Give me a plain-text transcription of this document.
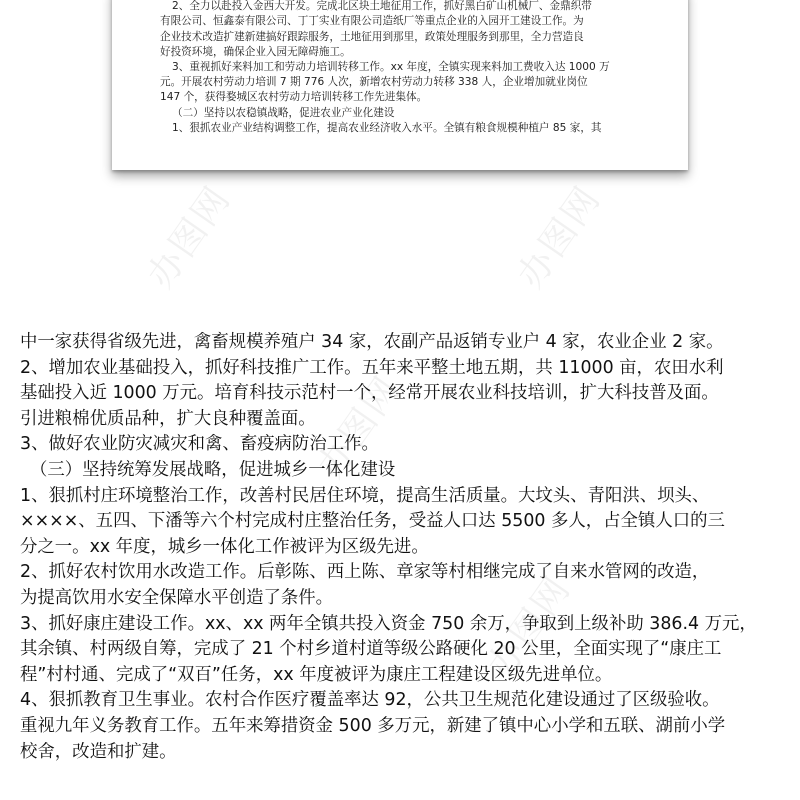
2、全力以赴投入金西大开发。完成北区块土地征用工作，抓好黑白矿山机械厂、金鼎织带

有限公司、恒鑫泰有限公司、丁丁实业有限公司造纸厂等重点企业的入园开工建设工作。为

企业技术改造扩建新建搞好跟踪服务，土地征用到那里，政策处理服务到那里，全力营造良

好投资环境，确保企业入园无障碍施工。

3、重视抓好来料加工和劳动力培训转移工作。xx 年度，全镇实现来料加工费收入达 1000 万

元。开展农村劳动力培训 7 期 776 人次，新增农村劳动力转移 338 人，企业增加就业岗位

147 个，获得婺城区农村劳动力培训转移工作先进集体。

（二）坚持以农稳镇战略，促进农业产业化建设

1、狠抓农业产业结构调整工作，提高农业经济收入水平。全镇有粮食规模种植户 85 家，其

办图网
办图网

中一家获得省级先进，禽畜规模养殖户 34 家，农副产品返销专业户 4 家，农业企业 2 家。

2、增加农业基础投入，抓好科技推广工作。五年来平整土地五期，共 11000 亩，农田水利

基础投入近 1000 万元。培育科技示范村一个，经常开展农业科技培训，扩大科技普及面。

引进粮棉优质品种，扩大良种覆盖面。

3、做好农业防灾减灾和禽、畜疫病防治工作。

（三）坚持统筹发展战略，促进城乡一体化建设

1、狠抓村庄环境整治工作，改善村民居住环境，提高生活质量。大坟头、青阳洪、坝头、

××××、五四、下潘等六个村完成村庄整治任务，受益人口达 5500 多人，占全镇人口的三

分之一。xx 年度，城乡一体化工作被评为区级先进。

2、抓好农村饮用水改造工作。后彰陈、西上陈、章家等村相继完成了自来水管网的改造，

为提高饮用水安全保障水平创造了条件。

3、抓好康庄建设工作。xx、xx 两年全镇共投入资金 750 余万，争取到上级补助 386.4 万元，

其余镇、村两级自筹，完成了 21 个村乡道村道等级公路硬化 20 公里，全面实现了“康庄工

程”村村通、完成了“双百”任务，xx 年度被评为康庄工程建设区级先进单位。

4、狠抓教育卫生事业。农村合作医疗覆盖率达 92，公共卫生规范化建设通过了区级验收。

重视九年义务教育工作。五年来筹措资金 500 多万元，新建了镇中心小学和五联、湖前小学

校舍，改造和扩建。
